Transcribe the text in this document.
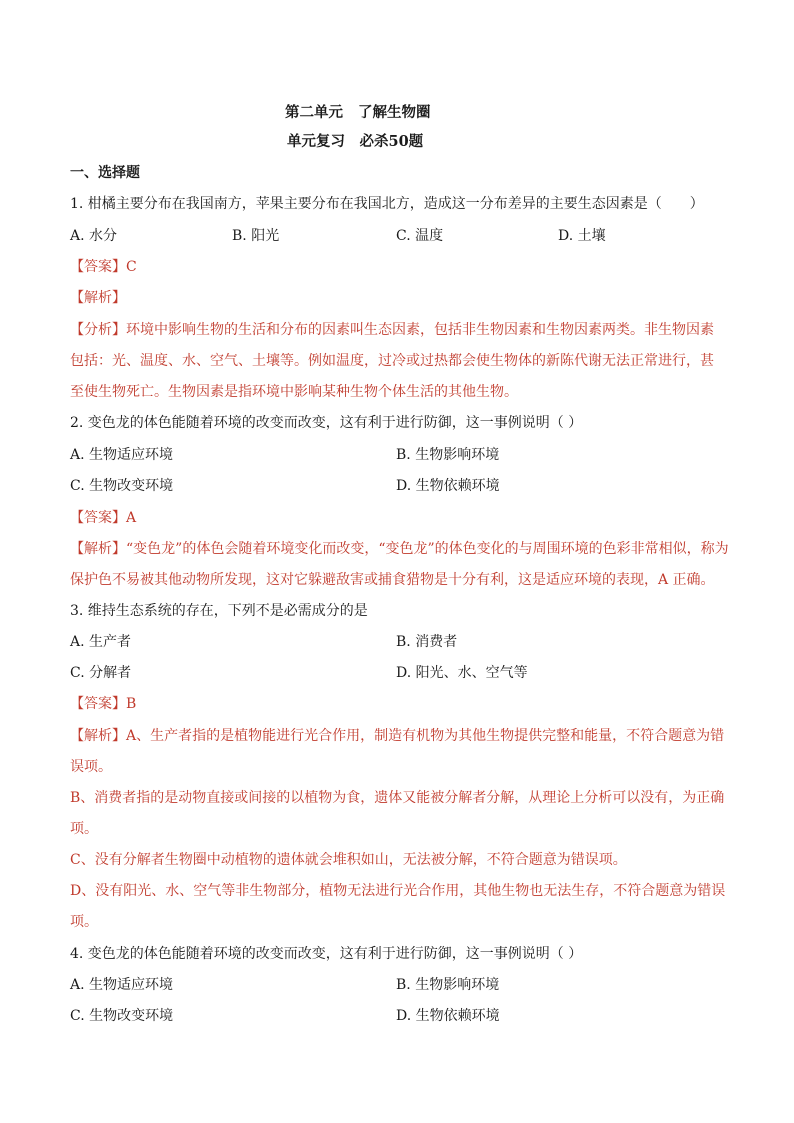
第二单元 了解生物圈
单元复习　必杀50题
一、选择题
1. 柑橘主要分布在我国南方，苹果主要分布在我国北方，造成这一分布差异的主要生态因素是（　　）
A. 水分	B. 阳光	C. 温度	D. 土壤
【答案】C
【解析】
【分析】环境中影响生物的生活和分布的因素叫生态因素，包括非生物因素和生物因素两类。非生物因素
包括：光、温度、水、空气、土壤等。例如温度，过冷或过热都会使生物体的新陈代谢无法正常进行，甚
至使生物死亡。生物因素是指环境中影响某种生物个体生活的其他生物。
2. 变色龙的体色能随着环境的改变而改变，这有利于进行防御，这一事例说明（ ）
A. 生物适应环境	B. 生物影响环境
C. 生物改变环境	D. 生物依赖环境
【答案】A
【解析】“变色龙”的体色会随着环境变化而改变，“变色龙”的体色变化的与周围环境的色彩非常相似，称为
保护色不易被其他动物所发现，这对它躲避敌害或捕食猎物是十分有利，这是适应环境的表现，A 正确。
3. 维持生态系统的存在，下列不是必需成分的是
A. 生产者	B. 消费者
C. 分解者	D. 阳光、水、空气等
【答案】B
【解析】A、生产者指的是植物能进行光合作用，制造有机物为其他生物提供完整和能量，不符合题意为错
误项。
B、消费者指的是动物直接或间接的以植物为食，遗体又能被分解者分解，从理论上分析可以没有，为正确
项。
C、没有分解者生物圈中动植物的遗体就会堆积如山，无法被分解，不符合题意为错误项。
D、没有阳光、水、空气等非生物部分，植物无法进行光合作用，其他生物也无法生存，不符合题意为错误
项。
4. 变色龙的体色能随着环境的改变而改变，这有利于进行防御，这一事例说明（ ）
A. 生物适应环境	B. 生物影响环境
C. 生物改变环境	D. 生物依赖环境
